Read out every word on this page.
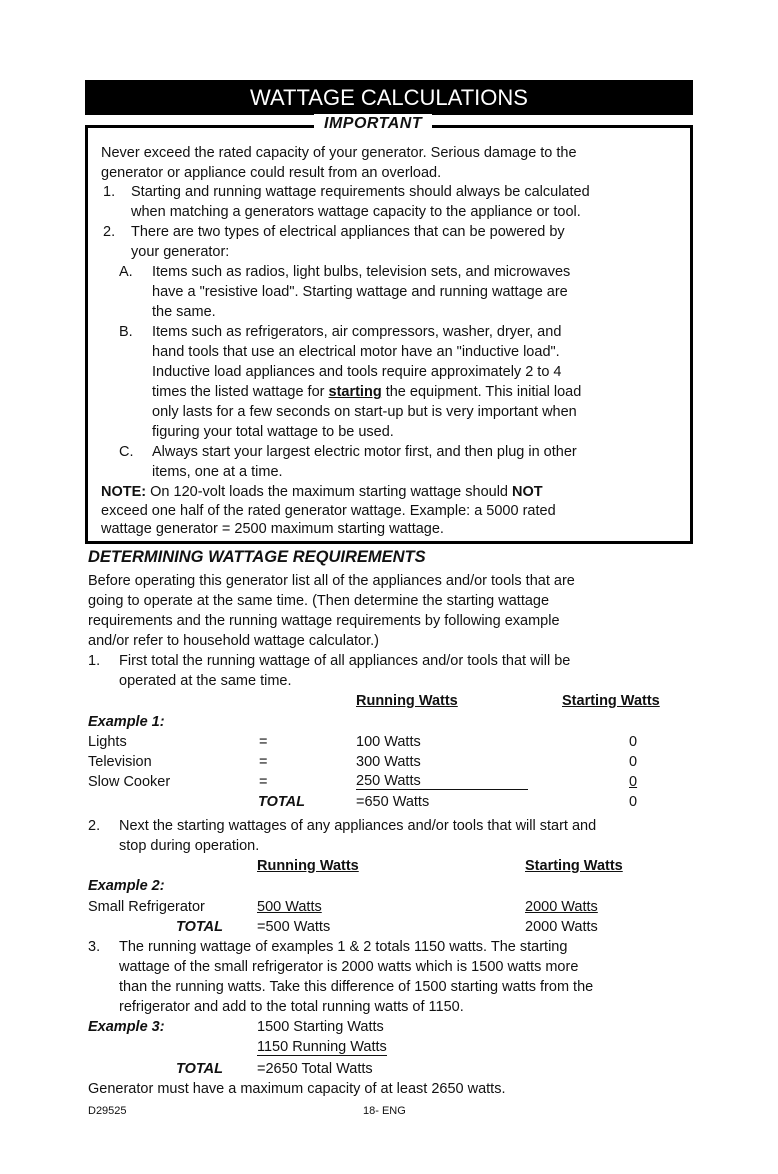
WATTAGE CALCULATIONS
IMPORTANT
Never exceed the rated capacity of your generator. Serious damage to the
generator or appliance could result from an overload.
1. Starting and running wattage requirements should always be calculated
when matching a generators wattage capacity to the appliance or tool.
2. There are two types of electrical appliances that can be powered by
your generator:
A. Items such as radios, light bulbs, television sets, and microwaves
have a "resistive load". Starting wattage and running wattage are
the same.
B. Items such as refrigerators, air compressors, washer, dryer, and
hand tools that use an electrical motor have an "inductive load".
Inductive load appliances and tools require approximately 2 to 4
times the listed wattage for starting the equipment. This initial load
only lasts for a few seconds on start-up but is very important when
figuring your total wattage to be used.
C. Always start your largest electric motor first, and then plug in other
items, one at a time.
NOTE: On 120-volt loads the maximum starting wattage should NOT
exceed one half of the rated generator wattage. Example: a 5000 rated
wattage generator = 2500 maximum starting wattage.
DETERMINING WATTAGE REQUIREMENTS
Before operating this generator list all of the appliances and/or tools that are
going to operate at the same time. (Then determine the starting wattage
requirements and the running wattage requirements by following example
and/or refer to household wattage calculator.)
1. First total the running wattage of all appliances and/or tools that will be
operated at the same time.
Running Watts	Starting Watts
Example 1:
Lights	=	100 Watts	0
Television	=	300 Watts	0
Slow Cooker	=	250 Watts	0
TOTAL	=650 Watts	0
2. Next the starting wattages of any appliances and/or tools that will start and
stop during operation.
Running Watts	Starting Watts
Example 2:
Small Refrigerator	500 Watts	2000 Watts
TOTAL =500 Watts	2000 Watts
3. The running wattage of examples 1 & 2 totals 1150 watts. The starting
wattage of the small refrigerator is 2000 watts which is 1500 watts more
than the running watts. Take this difference of 1500 starting watts from the
refrigerator and add to the total running watts of 1150.
Example 3:	1500 Starting Watts
1150 Running Watts
TOTAL =2650 Total Watts
Generator must have a maximum capacity of at least 2650 watts.
D29525	18- ENG
